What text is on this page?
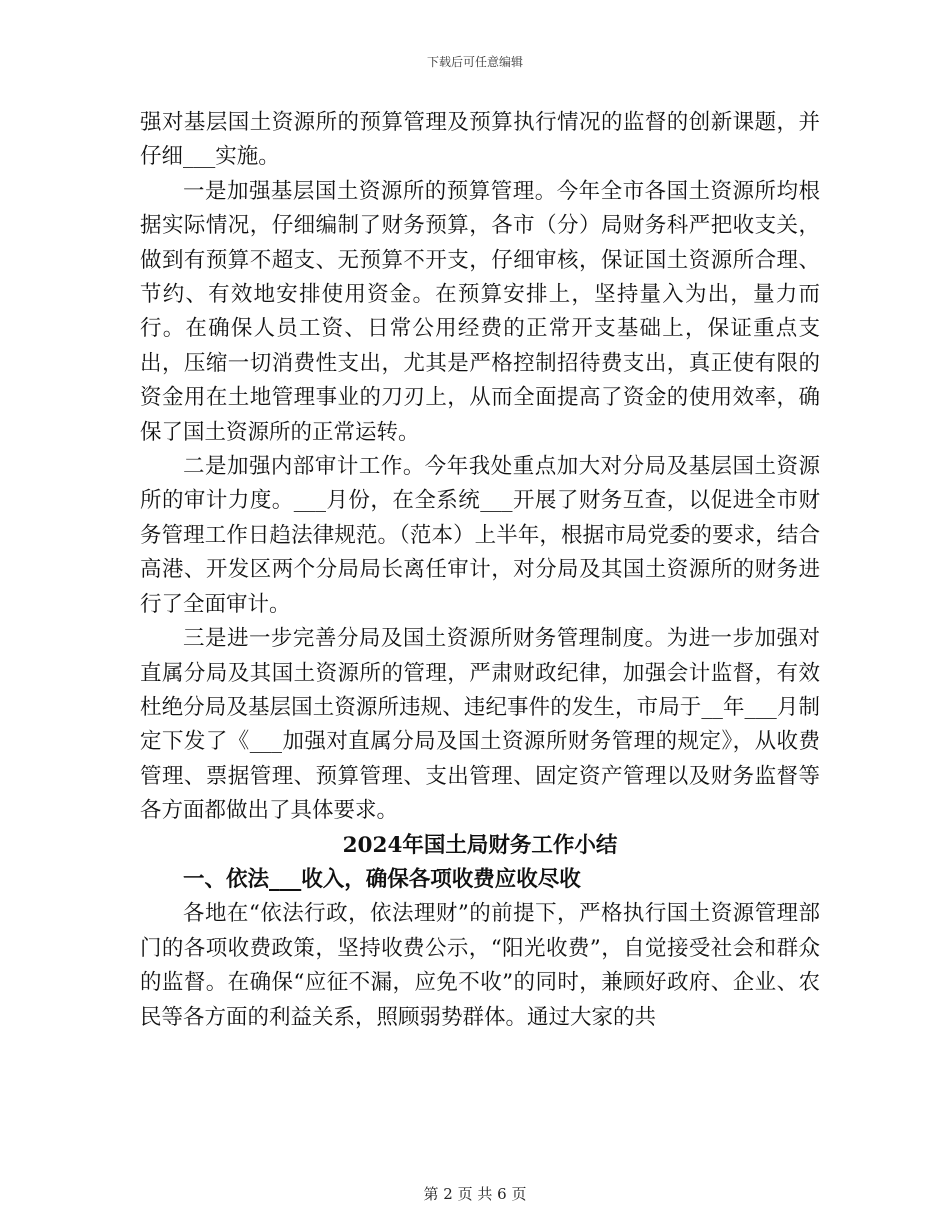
下载后可任意编辑

强对基层国土资源所的预算管理及预算执行情况的监督的创新课题，并仔细___实施。

一是加强基层国土资源所的预算管理。今年全市各国土资源所均根据实际情况，仔细编制了财务预算，各市（分）局财务科严把收支关，做到有预算不超支、无预算不开支，仔细审核，保证国土资源所合理、节约、有效地安排使用资金。在预算安排上，坚持量入为出，量力而行。在确保人员工资、日常公用经费的正常开支基础上，保证重点支出，压缩一切消费性支出，尤其是严格控制招待费支出，真正使有限的资金用在土地管理事业的刀刃上，从而全面提高了资金的使用效率，确保了国土资源所的正常运转。

二是加强内部审计工作。今年我处重点加大对分局及基层国土资源所的审计力度。___月份，在全系统___开展了财务互查，以促进全市财务管理工作日趋法律规范。（范本）上半年，根据市局党委的要求，结合高港、开发区两个分局局长离任审计，对分局及其国土资源所的财务进行了全面审计。

三是进一步完善分局及国土资源所财务管理制度。为进一步加强对直属分局及其国土资源所的管理，严肃财政纪律，加强会计监督，有效杜绝分局及基层国土资源所违规、违纪事件的发生，市局于__年___月制定下发了《___加强对直属分局及国土资源所财务管理的规定》，从收费管理、票据管理、预算管理、支出管理、固定资产管理以及财务监督等各方面都做出了具体要求。

2024年国土局财务工作小结

一、依法___收入，确保各项收费应收尽收

各地在“依法行政，依法理财”的前提下，严格执行国土资源管理部门的各项收费政策，坚持收费公示，“阳光收费”，自觉接受社会和群众的监督。在确保“应征不漏，应免不收”的同时，兼顾好政府、企业、农民等各方面的利益关系，照顾弱势群体。通过大家的共

第 2 页 共 6 页
